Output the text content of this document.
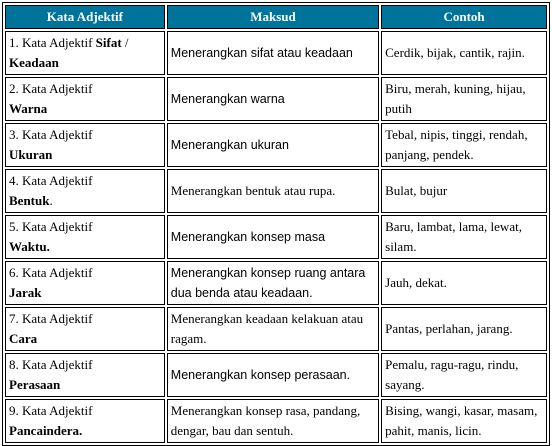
Kata Adjektif	Maksud	Contoh
1. Kata Adjektif Sifat /
Keadaan	Menerangkan sifat atau keadaan	Cerdik, bijak, cantik, rajin.
2. Kata Adjektif
Warna	Menerangkan warna	Biru, merah, kuning, hijau, putih
3. Kata Adjektif
Ukuran	Menerangkan ukuran	Tebal, nipis, tinggi, rendah, panjang, pendek.
4. Kata Adjektif
Bentuk.	Menerangkan bentuk atau rupa.	Bulat, bujur
5. Kata Adjektif
Waktu.	Menerangkan konsep masa	Baru, lambat, lama, lewat, silam.
6. Kata Adjektif
Jarak	Menerangkan konsep ruang antara dua benda atau keadaan.	Jauh, dekat.
7. Kata Adjektif
Cara	Menerangkan keadaan kelakuan atau ragam.	Pantas, perlahan, jarang.
8. Kata Adjektif
Perasaan	Menerangkan konsep perasaan.	Pemalu, ragu-ragu, rindu, sayang.
9. Kata Adjektif
Pancaindera.	Menerangkan konsep rasa, pandang, dengar, bau dan sentuh.	Bising, wangi, kasar, masam, pahit, manis, licin.
